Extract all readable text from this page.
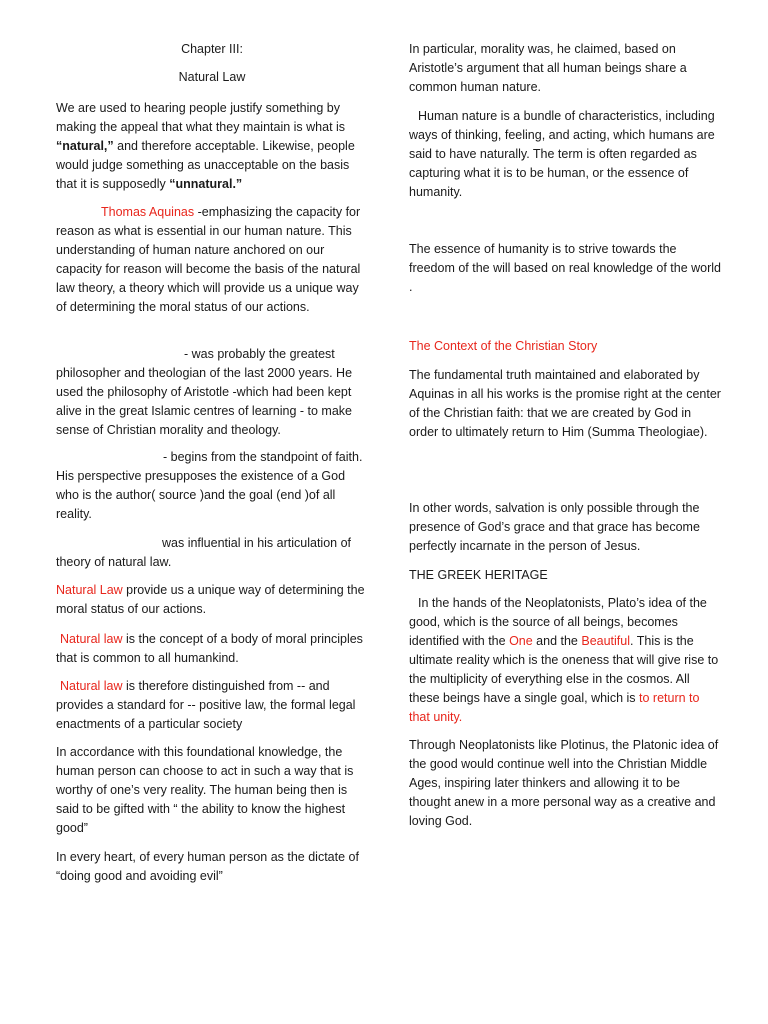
Chapter III:

Natural Law

We are used to hearing people justify something by making the appeal that what they maintain is what is “natural,” and therefore acceptable. Likewise, people would judge something as unacceptable on the basis that it is supposedly “unnatural.”

Thomas Aquinas -emphasizing the capacity for reason as what is essential in our human nature. This understanding of human nature anchored on our capacity for reason will become the basis of the natural law theory, a theory which will provide us a unique way of determining the moral status of our actions.

- was probably the greatest philosopher and theologian of the last 2000 years. He used the philosophy of Aristotle -which had been kept alive in the great Islamic centres of learning - to make sense of Christian morality and theology.

- begins from the standpoint of faith. His perspective presupposes the existence of a God who is the author( source )and the goal (end )of all reality.

was influential in his articulation of theory of natural law.

Natural Law provide us a unique way of determining the moral status of our actions.

Natural law is the concept of a body of moral principles that is common to all humankind.

Natural law is therefore distinguished from -- and provides a standard for -- positive law, the formal legal enactments of a particular society

In accordance with this foundational knowledge, the human person can choose to act in such a way that is worthy of one’s very reality. The human being then is said to be gifted with “ the ability to know the highest good”

In every heart, of every human person as the dictate of “doing good and avoiding evil”

In particular, morality was, he claimed, based on Aristotle’s argument that all human beings share a common human nature.

Human nature is a bundle of characteristics, including ways of thinking, feeling, and acting, which humans are said to have naturally. The term is often regarded as capturing what it is to be human, or the essence of humanity.

The essence of humanity is to strive towards the freedom of the will based on real knowledge of the world .

The Context of the Christian Story

The fundamental truth maintained and elaborated by Aquinas in all his works is the promise right at the center of the Christian faith: that we are created by God in order to ultimately return to Him (Summa Theologiae).

In other words, salvation is only possible through the presence of God’s grace and that grace has become perfectly incarnate in the person of Jesus.

THE GREEK HERITAGE

In the hands of the Neoplatonists, Plato’s idea of the good, which is the source of all beings, becomes identified with the One and the Beautiful. This is the ultimate reality which is the oneness that will give rise to the multiplicity of everything else in the cosmos. All these beings have a single goal, which is to return to that unity.

Through Neoplatonists like Plotinus, the Platonic idea of the good would continue well into the Christian Middle Ages, inspiring later thinkers and allowing it to be thought anew in a more personal way as a creative and loving God.
